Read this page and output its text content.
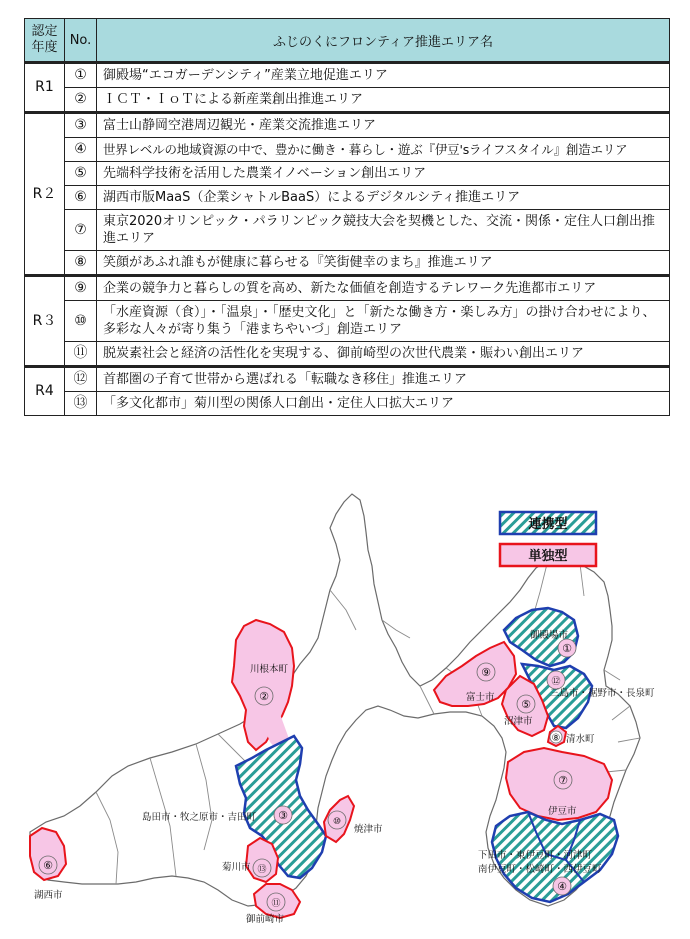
認定
年度	No.	ふじのくにフロンティア推進エリア名
R1	①	御殿場“エコガーデンシティ”産業立地促進エリア
	②	ＩＣＴ・ＩｏＴによる新産業創出推進エリア
R２	③	富士山静岡空港周辺観光・産業交流推進エリア
	④	世界レベルの地域資源の中で、豊かに働き・暮らし・遊ぶ『伊豆'sライフスタイル』創造エリア
	⑤	先端科学技術を活用した農業イノベーション創出エリア
	⑥	湖西市版MaaS（企業シャトルBaaS）によるデジタルシティ推進エリア
	⑦	東京2020オリンピック・パラリンピック競技大会を契機とした、交流・関係・定住人口創出推進エリア
	⑧	笑顔があふれ誰もが健康に暮らせる『笑街健幸のまち』推進エリア
R３	⑨	企業の競争力と暮らしの質を高め、新たな価値を創造するテレワーク先進都市エリア
	⑩	「水産資源（食）」・「温泉」・「歴史文化」と「新たな働き方・楽しみ方」の掛け合わせにより、多彩な人々が寄り集う「港まちやいづ」創造エリア
	⑪	脱炭素社会と経済の活性化を実現する、御前崎型の次世代農業・賑わい創出エリア
R4	⑫	首都圏の子育て世帯から選ばれる「転職なき移住」推進エリア
	⑬	「多文化都市」菊川型の関係人口創出・定住人口拡大エリア
連携型
単独型
①
②
③
④
⑤
⑥
⑦
⑧
⑨
⑩
⑪
⑫
⑬
御殿場市
川根本町
島田市・牧之原市・吉田町
下田市・東伊豆町・河津町
南伊豆町・松崎町・西伊豆町
沼津市
湖西市
伊豆市
清水町
富士市
焼津市
御前崎市
三島市・裾野市・長泉町
菊川市
